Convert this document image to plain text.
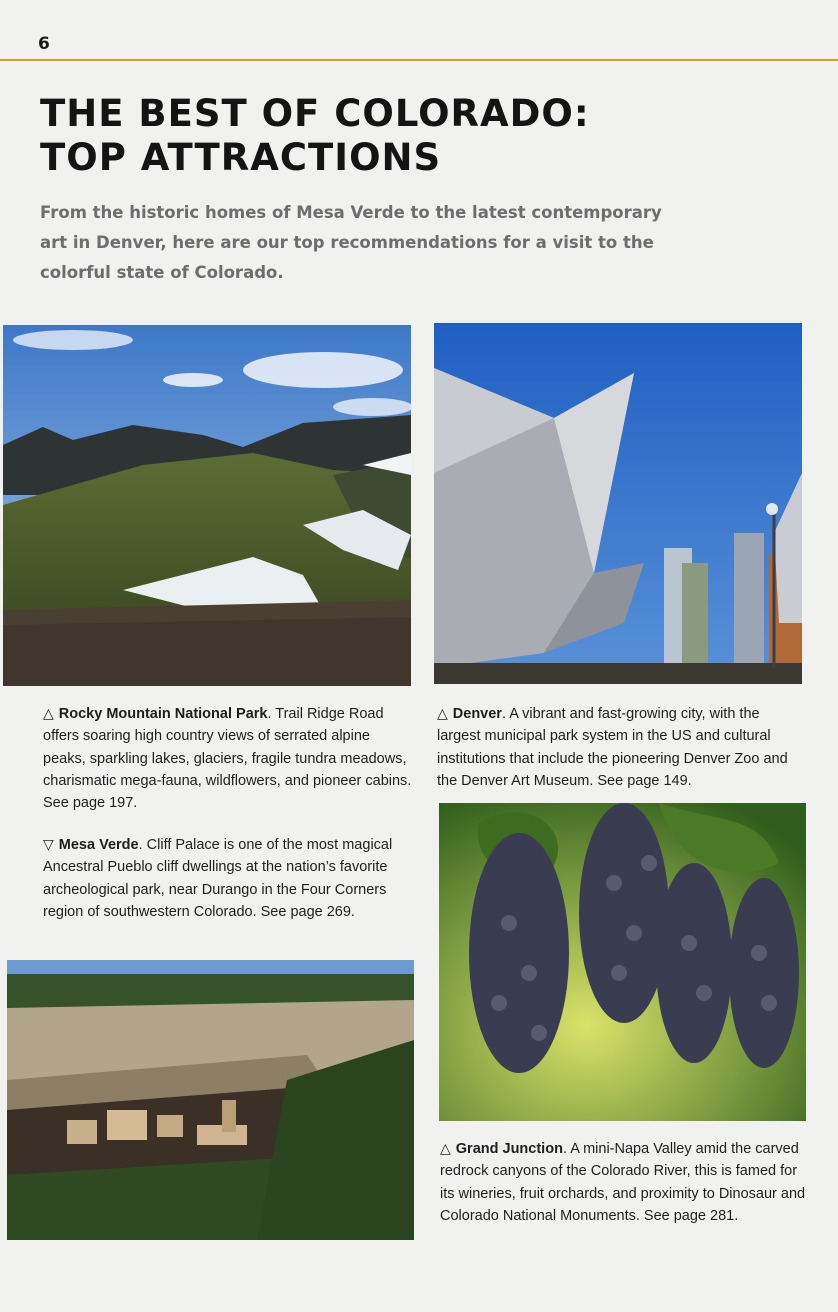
6
THE BEST OF COLORADO:
TOP ATTRACTIONS

From the historic homes of Mesa Verde to the latest contemporary art in Denver, here are our top recommendations for a visit to the colorful state of Colorado.

△ Rocky Mountain National Park. Trail Ridge Road offers soaring high country views of serrated alpine peaks, sparkling lakes, glaciers, fragile tundra meadows, charismatic mega-fauna, wildflowers, and pioneer cabins. See page 197.

▽ Mesa Verde. Cliff Palace is one of the most magical Ancestral Pueblo cliff dwellings at the nation’s favorite archeological park, near Durango in the Four Corners region of southwestern Colorado. See page 269.

△ Denver. A vibrant and fast-growing city, with the largest municipal park system in the US and cultural institutions that include the pioneering Denver Zoo and the Denver Art Museum. See page 149.

△ Grand Junction. A mini-Napa Valley amid the carved redrock canyons of the Colorado River, this is famed for its wineries, fruit orchards, and proximity to Dinosaur and Colorado National Monuments. See page 281.
